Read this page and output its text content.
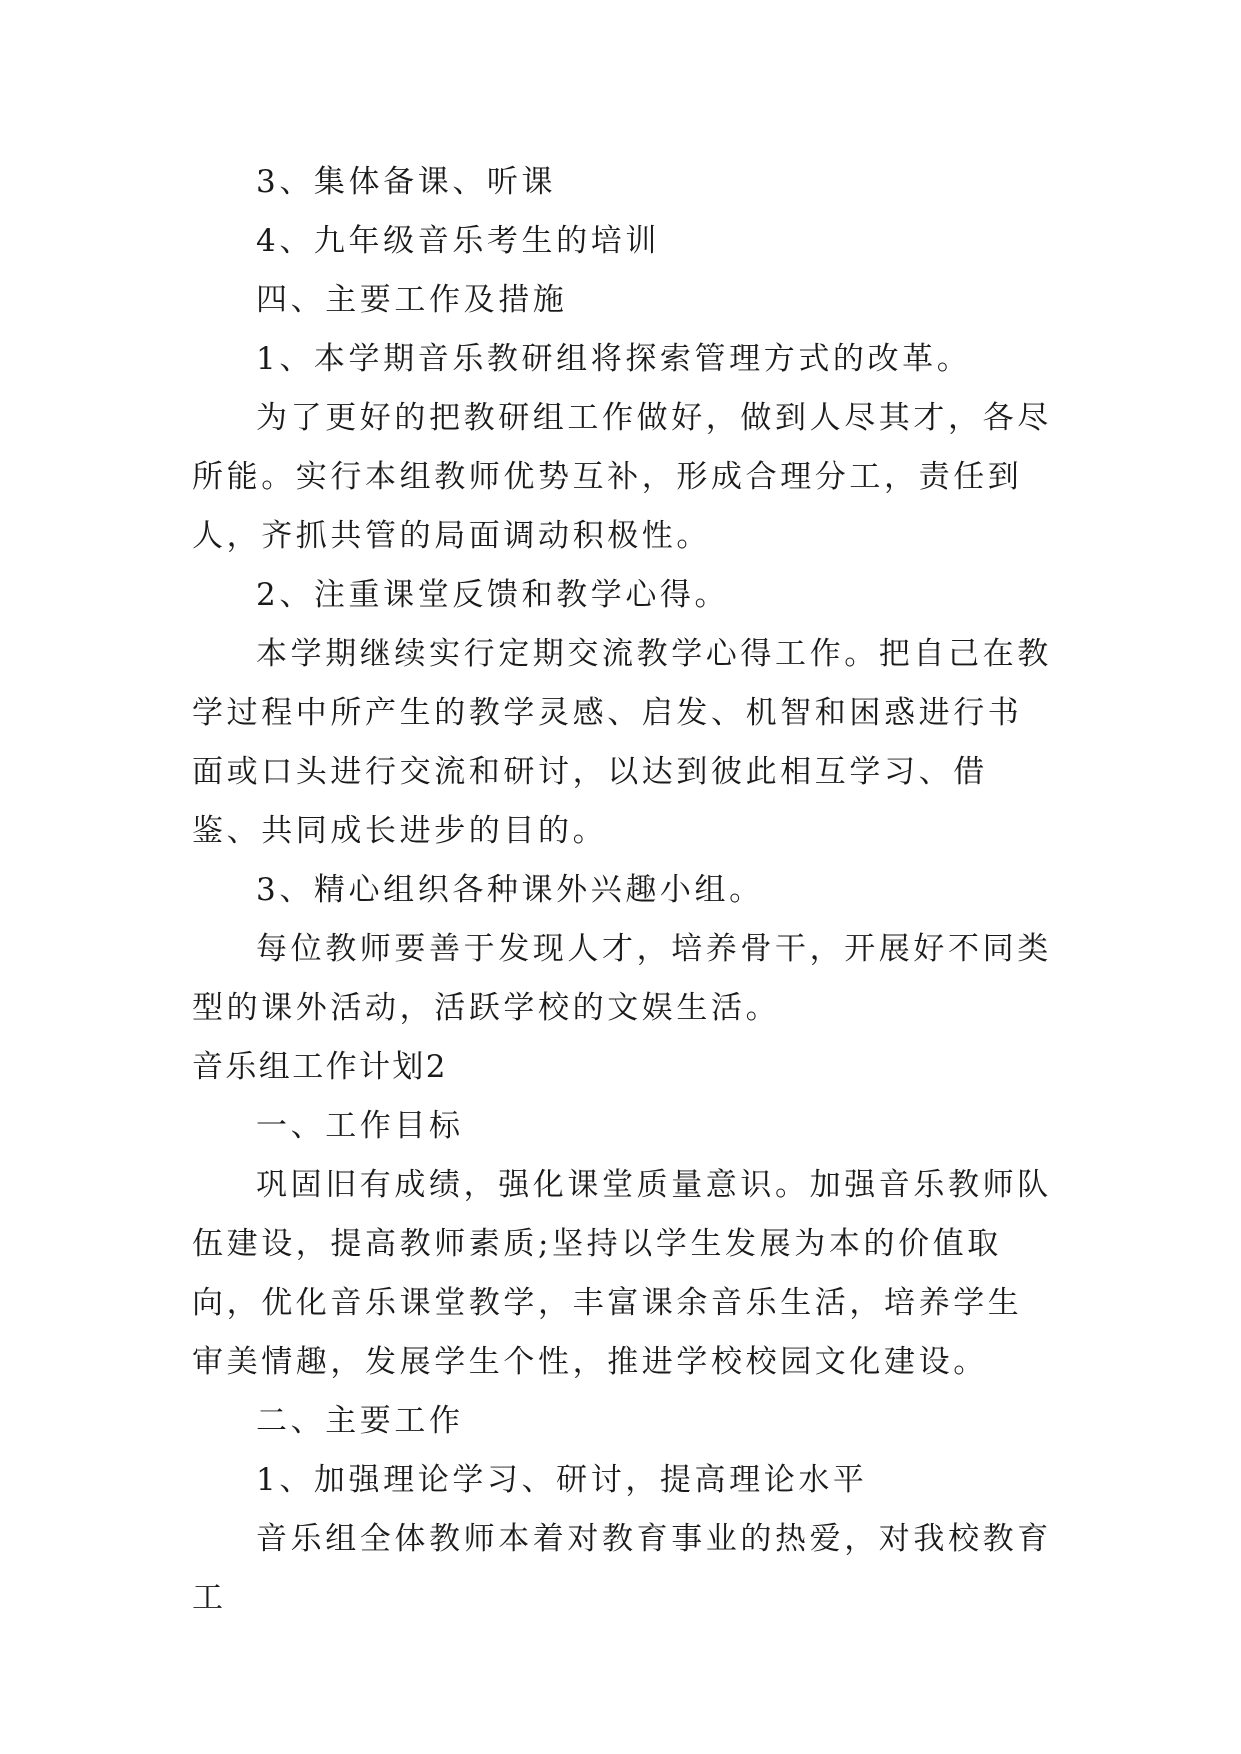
3、集体备课、听课

4、九年级音乐考生的培训

四、主要工作及措施

1、本学期音乐教研组将探索管理方式的改革。

为了更好的把教研组工作做好，做到人尽其才，各尽所能。实行本组教师优势互补，形成合理分工，责任到人，齐抓共管的局面调动积极性。

2、注重课堂反馈和教学心得。

本学期继续实行定期交流教学心得工作。把自己在教学过程中所产生的教学灵感、启发、机智和困惑进行书面或口头进行交流和研讨，以达到彼此相互学习、借鉴、共同成长进步的目的。

3、精心组织各种课外兴趣小组。

每位教师要善于发现人才，培养骨干，开展好不同类型的课外活动，活跃学校的文娱生活。

音乐组工作计划2

一、工作目标

巩固旧有成绩，强化课堂质量意识。加强音乐教师队伍建设，提高教师素质;坚持以学生发展为本的价值取向，优化音乐课堂教学，丰富课余音乐生活，培养学生审美情趣，发展学生个性，推进学校校园文化建设。

二、主要工作

1、加强理论学习、研讨，提高理论水平

音乐组全体教师本着对教育事业的热爱，对我校教育工
